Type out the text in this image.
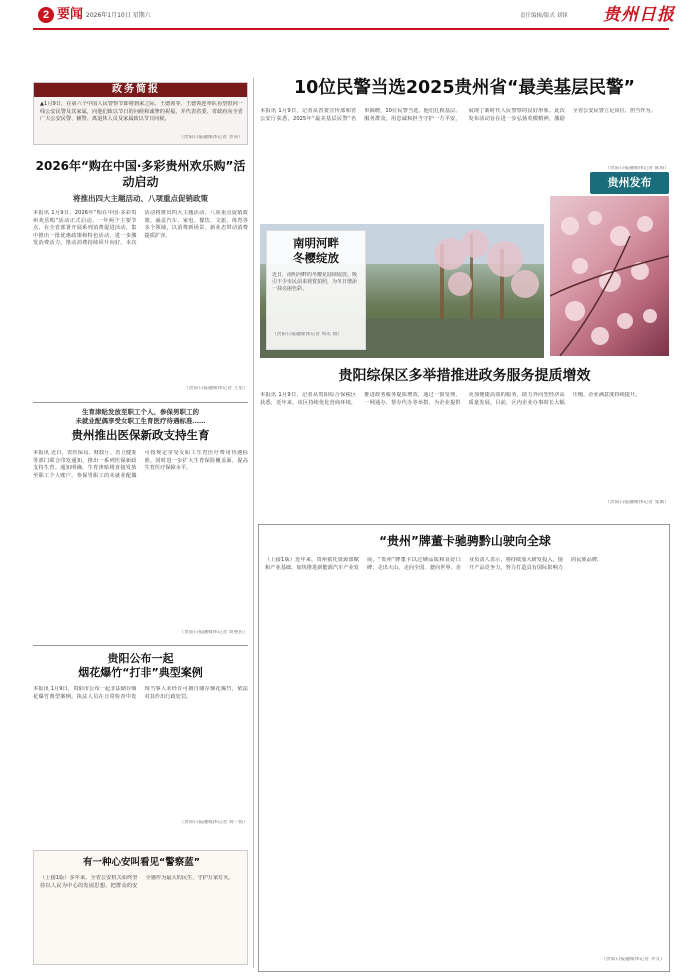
2 要闻 2026年1月10日 星期六	责任编辑/版式 刘锋 贵州日报
政务简报
▲1月9日，在第六个中国人民警察节即将到来之际，王德领等、王德领连率队看望慰问一线公安民警及其家属，向他们致以节日的问候和诚挚的祝福，并代表省委、省政府向全省广大公安民警、辅警、离退休人员及家属致以节日问候。
（贵阳日报融媒体记者 李涛）
2026年“购在中国·多彩贵州欢乐购”活动启动
将推出四大主题活动、八项重点促销政策
本报讯 1月9日，2026年“购在中国·多彩贵州欢乐购”活动正式启动。一年两个主要节点，在全省部署开展系列消费促进活动，集中推出一批优惠政策和特色活动，进一步激发消费活力，推动消费持续回升向好。本次活动将推出四大主题活动、八项重点促销政策，涵盖汽车、家电、餐饮、文旅、体育等多个领域，以消费新场景、新业态带动消费提质扩容。
（贵阳日报融媒体记者 王星）
生育津贴发放至职工个人、参保男职工的
未就业配偶享受女职工生育医疗待遇标准……
贵州推出医保新政支持生育
本报讯 近日，省医保局、财政厅、省卫健委等部门联合印发通知，推出一系列医保新政支持生育。通知明确，生育津贴将直接发放至职工个人账户，参保男职工的未就业配偶可按规定享受女职工生育医疗费用待遇标准，同时进一步扩大生育保险覆盖面，提高生育医疗保障水平。
（贵阳日报融媒体记者 周惠民）
贵阳公布一起
烟花爆竹“打非”典型案例
本报讯 1月9日，贵阳市公布一起非法储存烟花爆竹典型案例。执法人员在日常检查中发现当事人未经许可擅自储存烟花爆竹，依法对其作出行政处罚。
（贵阳日报融媒体记者 刘一铭）
有一种心安叫看见“警察蓝”
（上接1版）多年来，全省公安机关始终坚持以人民为中心的发展思想，把群众的安全感作为最大的民生，守护万家灯火。
10位民警当选2025贵州省“最美基层民警”
本报讯 1月9日，记者从省委宣传部和省公安厅获悉，2025年“最美基层民警”名单揭晓，10位民警当选。他们扎根基层、服务群众，用忠诚和担当守护一方平安，展现了新时代人民警察的良好形象。此次发布活动旨在进一步弘扬英模精神，激励全省公安民警立足岗位、担当作为。
（贵阳日报融媒体记者 陈海）
贵州发布
南明河畔
冬樱绽放
近日，南明河畔的冬樱花陆续绽放，吸引不少市民前来观赏拍照，为冬日增添一抹亮丽色彩。
（贵阳日报融媒体记者 周永 摄）
贵阳综保区多举措推进政务服务提质增效
本报讯 1月9日，记者从贵阳综合保税区获悉，近年来，该区持续优化营商环境，推进政务服务提质增效，通过一窗受理、一网通办、帮办代办等举措，为企业提供更加便捷高效的服务，助力外向型经济高质量发展。目前，区内企业办事时长大幅压缩，企业满意度持续提升。
（贵阳日报融媒体记者 张翼）
“贵州”牌董卡驰骋黔山驶向全球
（上接1版）近年来，贵州依托资源禀赋和产业基础，加快推进新能源汽车产业发展，“贵州”牌董卡以过硬品质和良好口碑，走出大山、走向全国、驶向世界。企业负责人表示，将持续加大研发投入，提升产品竞争力，努力打造具有国际影响力的民族品牌。
（贵阳日报融媒体记者 李文）
